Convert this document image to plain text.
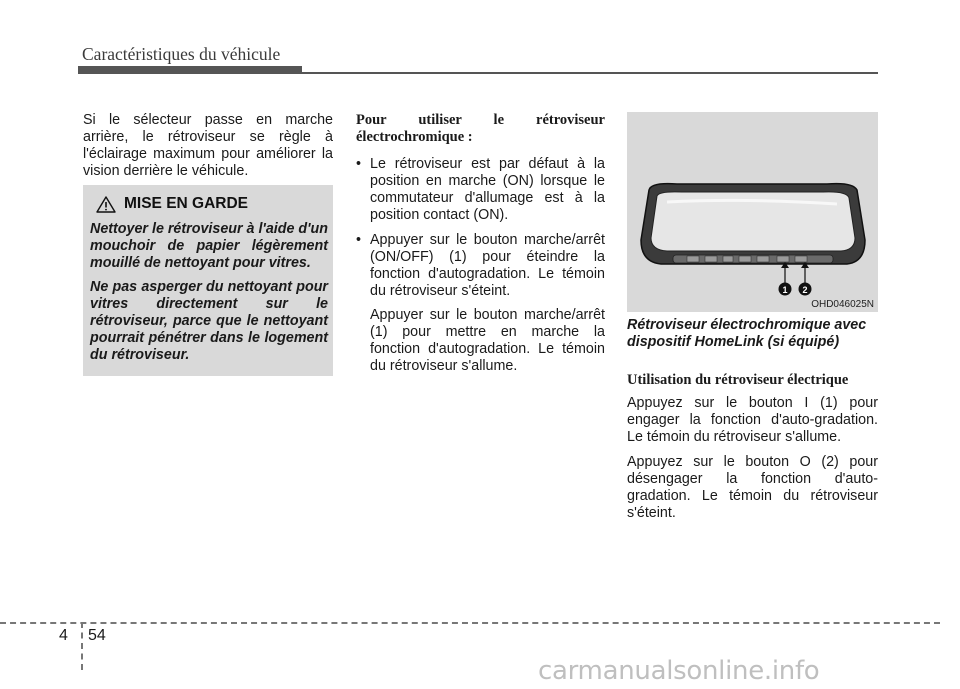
Caractéristiques du véhicule

Si le sélecteur passe en marche arrière, le rétroviseur se règle à l'éclairage maximum pour améliorer la vision derrière le véhicule.

MISE EN GARDE

Nettoyer le rétroviseur à l'aide d'un mouchoir de papier légèrement mouillé de nettoyant pour vitres.

Ne pas asperger du nettoyant pour vitres directement sur le rétroviseur, parce que le nettoyant pourrait pénétrer dans le logement du rétroviseur.

Pour utiliser le rétroviseur électrochromique :

• Le rétroviseur est par défaut à la position en marche (ON) lorsque le commutateur d'allumage est à la position contact (ON).
• Appuyer sur le bouton marche/arrêt (ON/OFF) (1) pour éteindre la fonction d'autogradation. Le témoin du rétroviseur s'éteint.

Appuyer sur le bouton marche/arrêt (1) pour mettre en marche la fonction d'autogradation. Le témoin du rétroviseur s'allume.

1 2
OHD046025N
Rétroviseur électrochromique avec dispositif HomeLink (si équipé)

Utilisation du rétroviseur électrique

Appuyez sur le bouton I (1) pour engager la fonction d'auto-gradation. Le témoin du rétroviseur s'allume.

Appuyez sur le bouton O (2) pour désengager la fonction d'auto-gradation. Le témoin du rétroviseur s'éteint.

4 54
carmanualsonline.info
